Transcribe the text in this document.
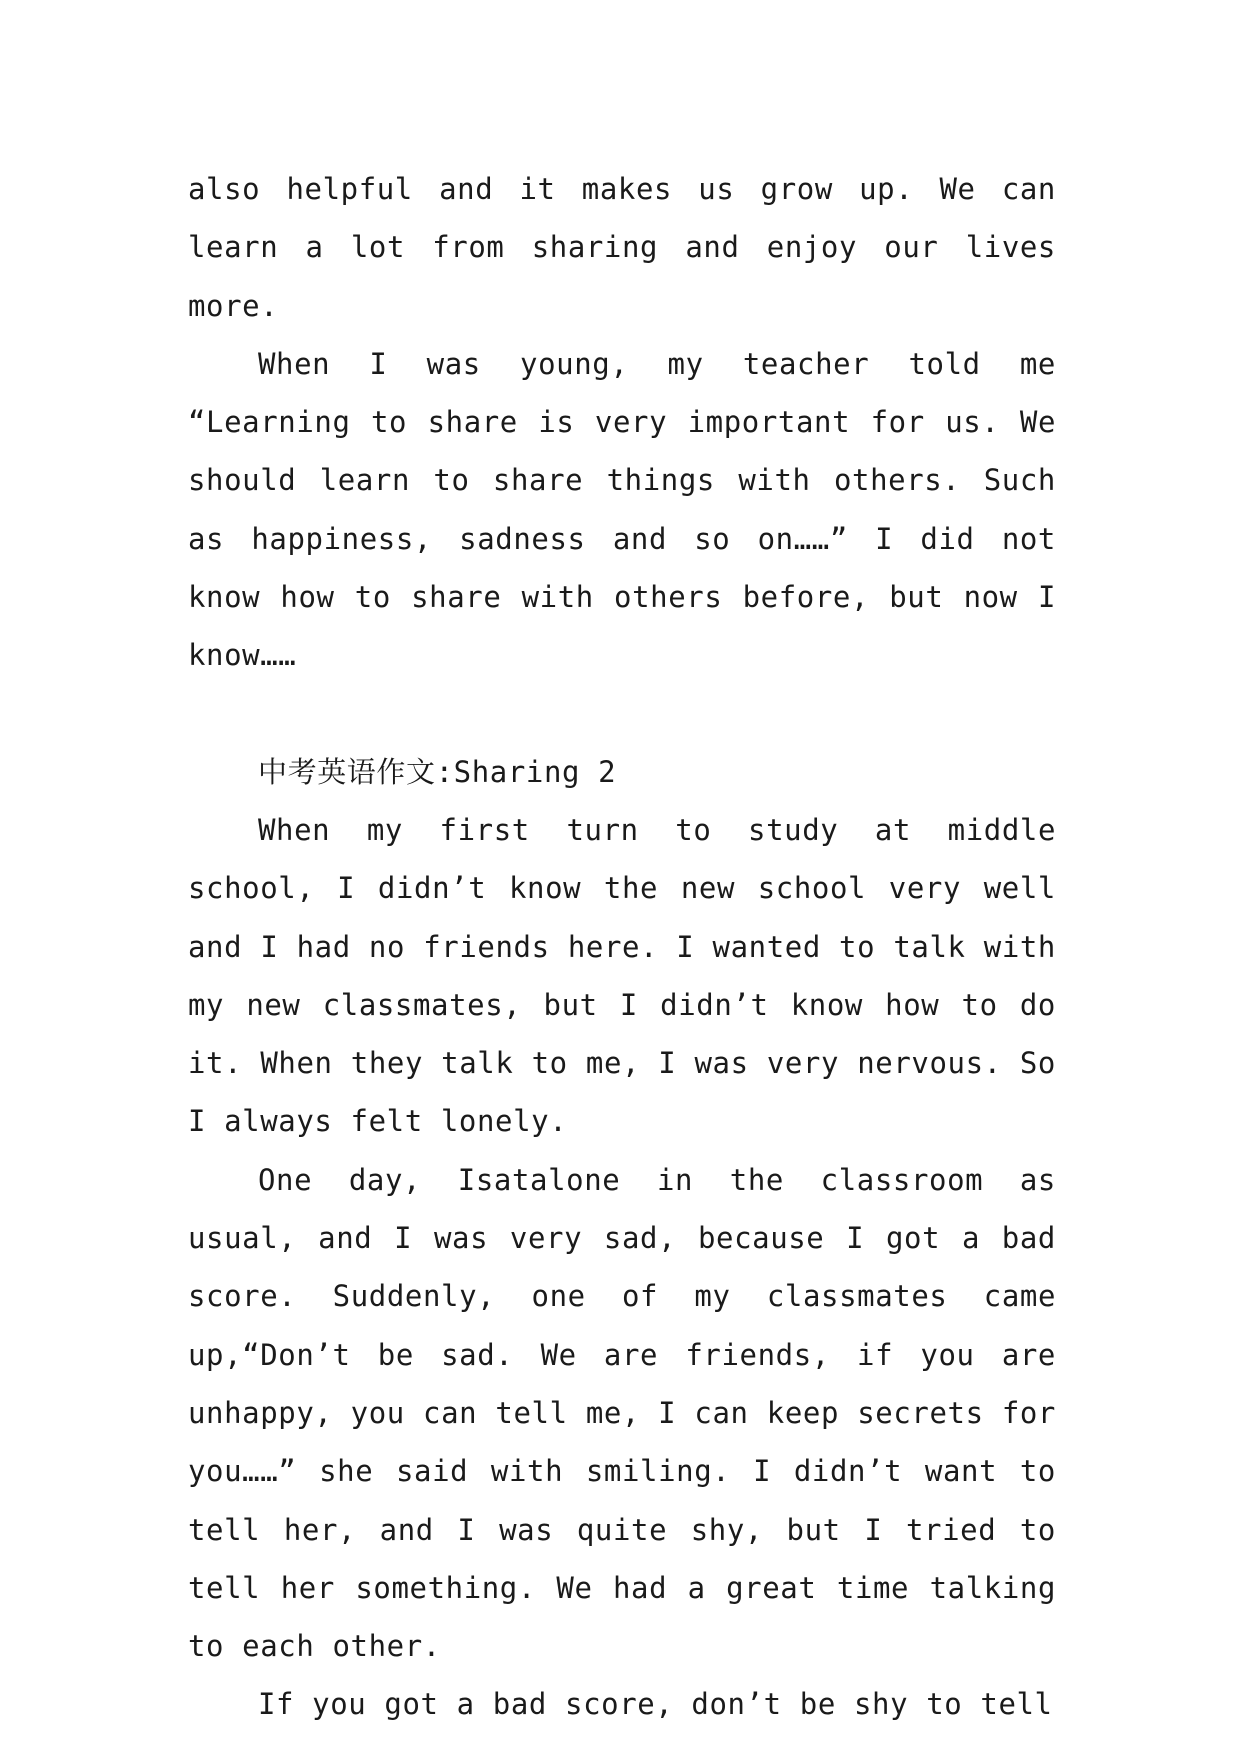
also helpful and it makes us grow up. We can learn a lot from sharing and enjoy our lives more.

When I was young, my teacher told me “Learning to share is very important for us. We should learn to share things with others. Such as happiness, sadness and so on……” I did not know how to share with others before, but now I know……

中考英语作文:Sharing 2

When my first turn to study at middle school, I didn’t know the new school very well and I had no friends here. I wanted to talk with my new classmates, but I didn’t know how to do it. When they talk to me, I was very nervous. So I always felt lonely.

One day, Isatalone in the classroom as usual, and I was very sad, because I got a bad score. Suddenly, one of my classmates came up,“Don’t be sad. We are friends, if you are unhappy, you can tell me, I can keep secrets for you……” she said with smiling. I didn’t want to tell her, and I was quite shy, but I tried to tell her something. We had a great time talking to each other.

If you got a bad score, don’t be shy to tell
